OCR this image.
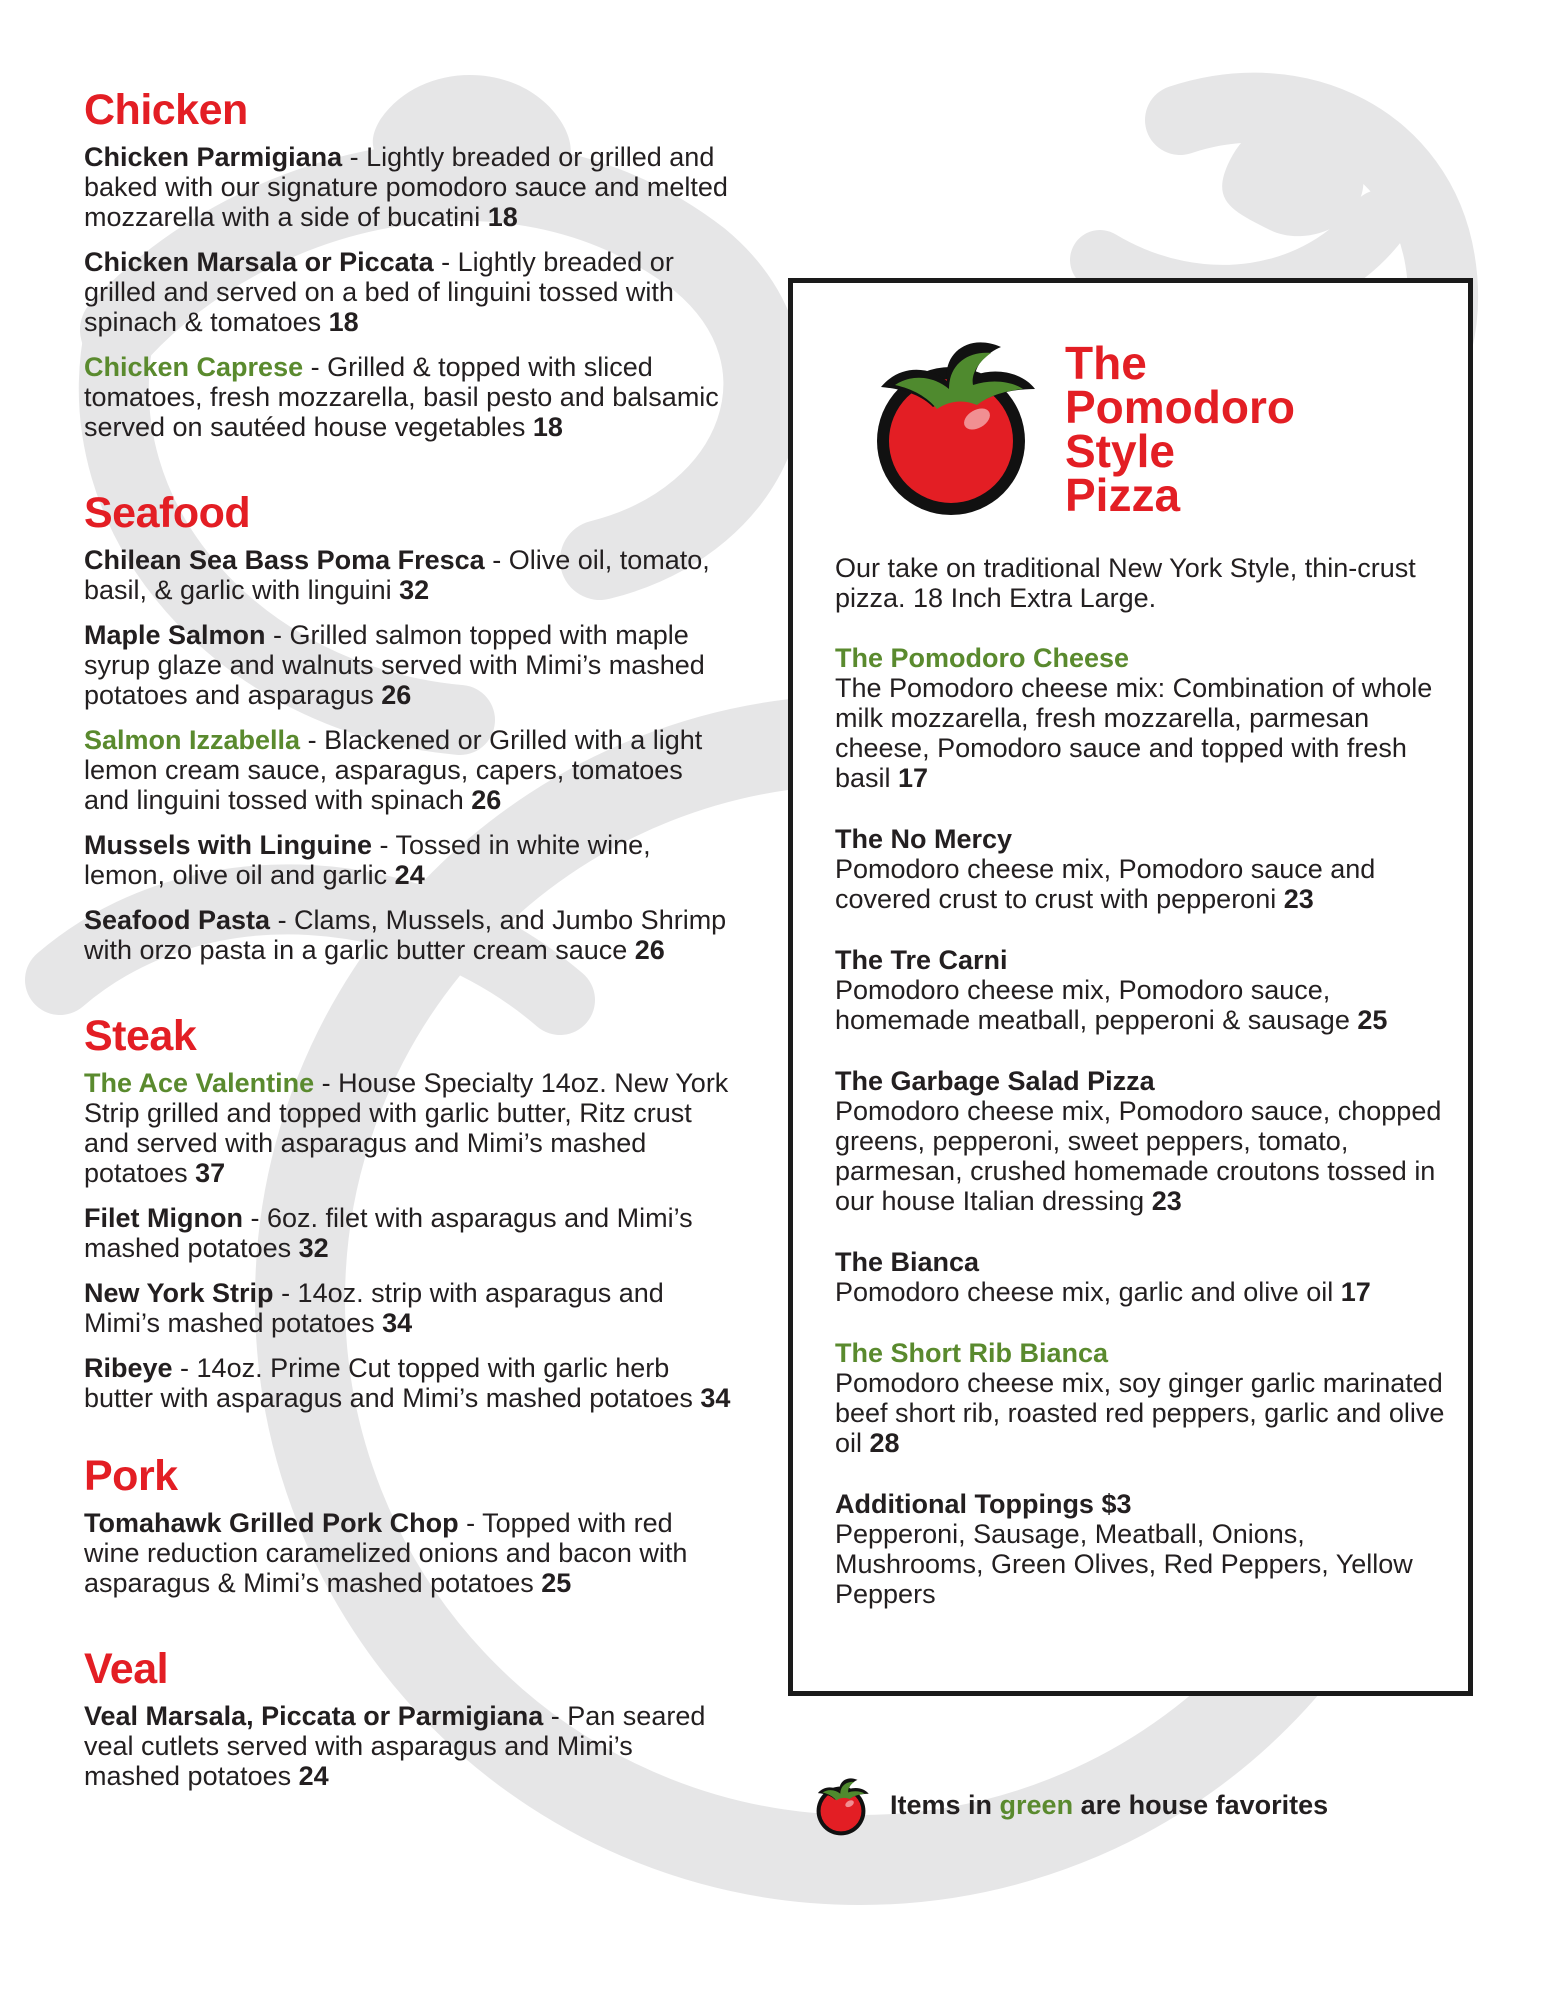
Chicken
Chicken Parmigiana - Lightly breaded or grilled and baked with our signature pomodoro sauce and melted mozzarella with a side of bucatini 18
Chicken Marsala or Piccata - Lightly breaded or grilled and served on a bed of linguini tossed with spinach & tomatoes 18
Chicken Caprese - Grilled & topped with sliced tomatoes, fresh mozzarella, basil pesto and balsamic served on sautéed house vegetables 18
Seafood
Chilean Sea Bass Poma Fresca - Olive oil, tomato, basil, & garlic with linguini 32
Maple Salmon - Grilled salmon topped with maple syrup glaze and walnuts served with Mimi’s mashed potatoes and asparagus 26
Salmon Izzabella - Blackened or Grilled with a light lemon cream sauce, asparagus, capers, tomatoes and linguini tossed with spinach 26
Mussels with Linguine - Tossed in white wine, lemon, olive oil and garlic 24
Seafood Pasta - Clams, Mussels, and Jumbo Shrimp with orzo pasta in a garlic butter cream sauce 26
Steak
The Ace Valentine - House Specialty 14oz. New York Strip grilled and topped with garlic butter, Ritz crust and served with asparagus and Mimi’s mashed potatoes 37
Filet Mignon - 6oz. filet with asparagus and Mimi’s mashed potatoes 32
New York Strip - 14oz. strip with asparagus and Mimi’s mashed potatoes 34
Ribeye - 14oz. Prime Cut topped with garlic herb butter with asparagus and Mimi’s mashed potatoes 34
Pork
Tomahawk Grilled Pork Chop - Topped with red wine reduction caramelized onions and bacon with asparagus & Mimi’s mashed potatoes 25
Veal
Veal Marsala, Piccata or Parmigiana - Pan seared veal cutlets served with asparagus and Mimi’s mashed potatoes 24
The
Pomodoro
Style
Pizza
Our take on traditional New York Style, thin-crust pizza. 18 Inch Extra Large.
The Pomodoro Cheese
The Pomodoro cheese mix: Combination of whole milk mozzarella, fresh mozzarella, parmesan cheese, Pomodoro sauce and topped with fresh basil 17
The No Mercy
Pomodoro cheese mix, Pomodoro sauce and covered crust to crust with pepperoni 23
The Tre Carni
Pomodoro cheese mix, Pomodoro sauce, homemade meatball, pepperoni & sausage 25
The Garbage Salad Pizza
Pomodoro cheese mix, Pomodoro sauce, chopped greens, pepperoni, sweet peppers, tomato, parmesan, crushed homemade croutons tossed in our house Italian dressing 23
The Bianca
Pomodoro cheese mix, garlic and olive oil 17
The Short Rib Bianca
Pomodoro cheese mix, soy ginger garlic marinated beef short rib, roasted red peppers, garlic and olive oil 28
Additional Toppings $3
Pepperoni, Sausage, Meatball, Onions, Mushrooms, Green Olives, Red Peppers, Yellow Peppers
Items in green are house favorites
